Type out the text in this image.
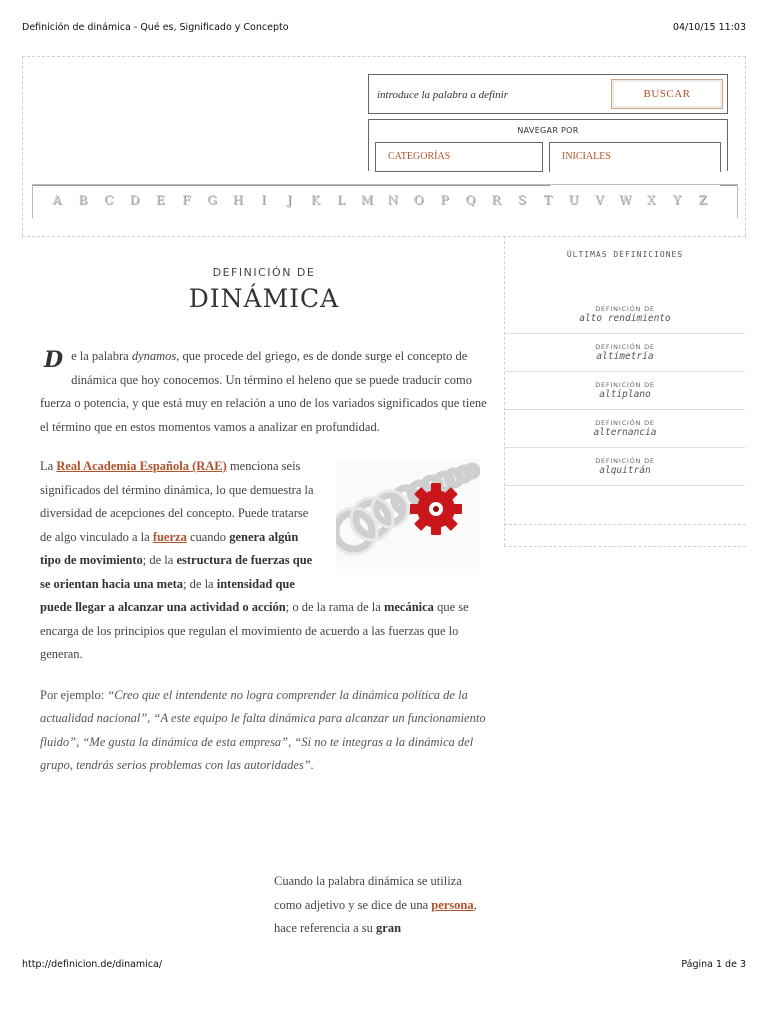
Definición de dinámica - Qué es, Significado y Concepto	04/10/15 11:03
introduce la palabra a definir
BUSCAR
NAVEGAR POR
CATEGORÍAS	INICIALES
A	B C D	E	F	G H	I	J	K	L	M N O	P	Q R	S	T	U	V	W	X	Y	Z
DEFINICIÓN DE
DINÁMICA

De la palabra dynamos, que procede del griego, es de donde surge el concepto de dinámica que hoy conocemos. Un término el heleno que se puede traducir como fuerza o potencia, y que está muy en relación a uno de los variados significados que tiene el término que en estos momentos vamos a analizar en profundidad.

La Real Academia Española (RAE) menciona seis significados del término dinámica, lo que demuestra la diversidad de acepciones del concepto. Puede tratarse de algo vinculado a la fuerza cuando genera algún tipo de movimiento; de la estructura de fuerzas que se orientan hacia una meta; de la intensidad que puede llegar a alcanzar una actividad o acción; o de la rama de la mecánica que se encarga de los principios que regulan el movimiento de acuerdo a las fuerzas que lo generan.

Por ejemplo: “Creo que el intendente no logra comprender la dinámica política de la actualidad nacional”, “A este equipo le falta dinámica para alcanzar un funcionamiento fluido”, “Me gusta la dinámica de esta empresa”, “Si no te integras a la dinámica del grupo, tendrás serios problemas con las autoridades”.

Cuando la palabra dinámica se utiliza como adjetivo y se dice de una persona, hace referencia a su gran

ÚLTIMAS DEFINICIONES
DEFINICIÓN DE
alto rendimiento
DEFINICIÓN DE
altimetría
DEFINICIÓN DE
altiplano
DEFINICIÓN DE
alternancia
DEFINICIÓN DE
alquitrán
http://definicion.de/dinamica/	Página 1 de 3
